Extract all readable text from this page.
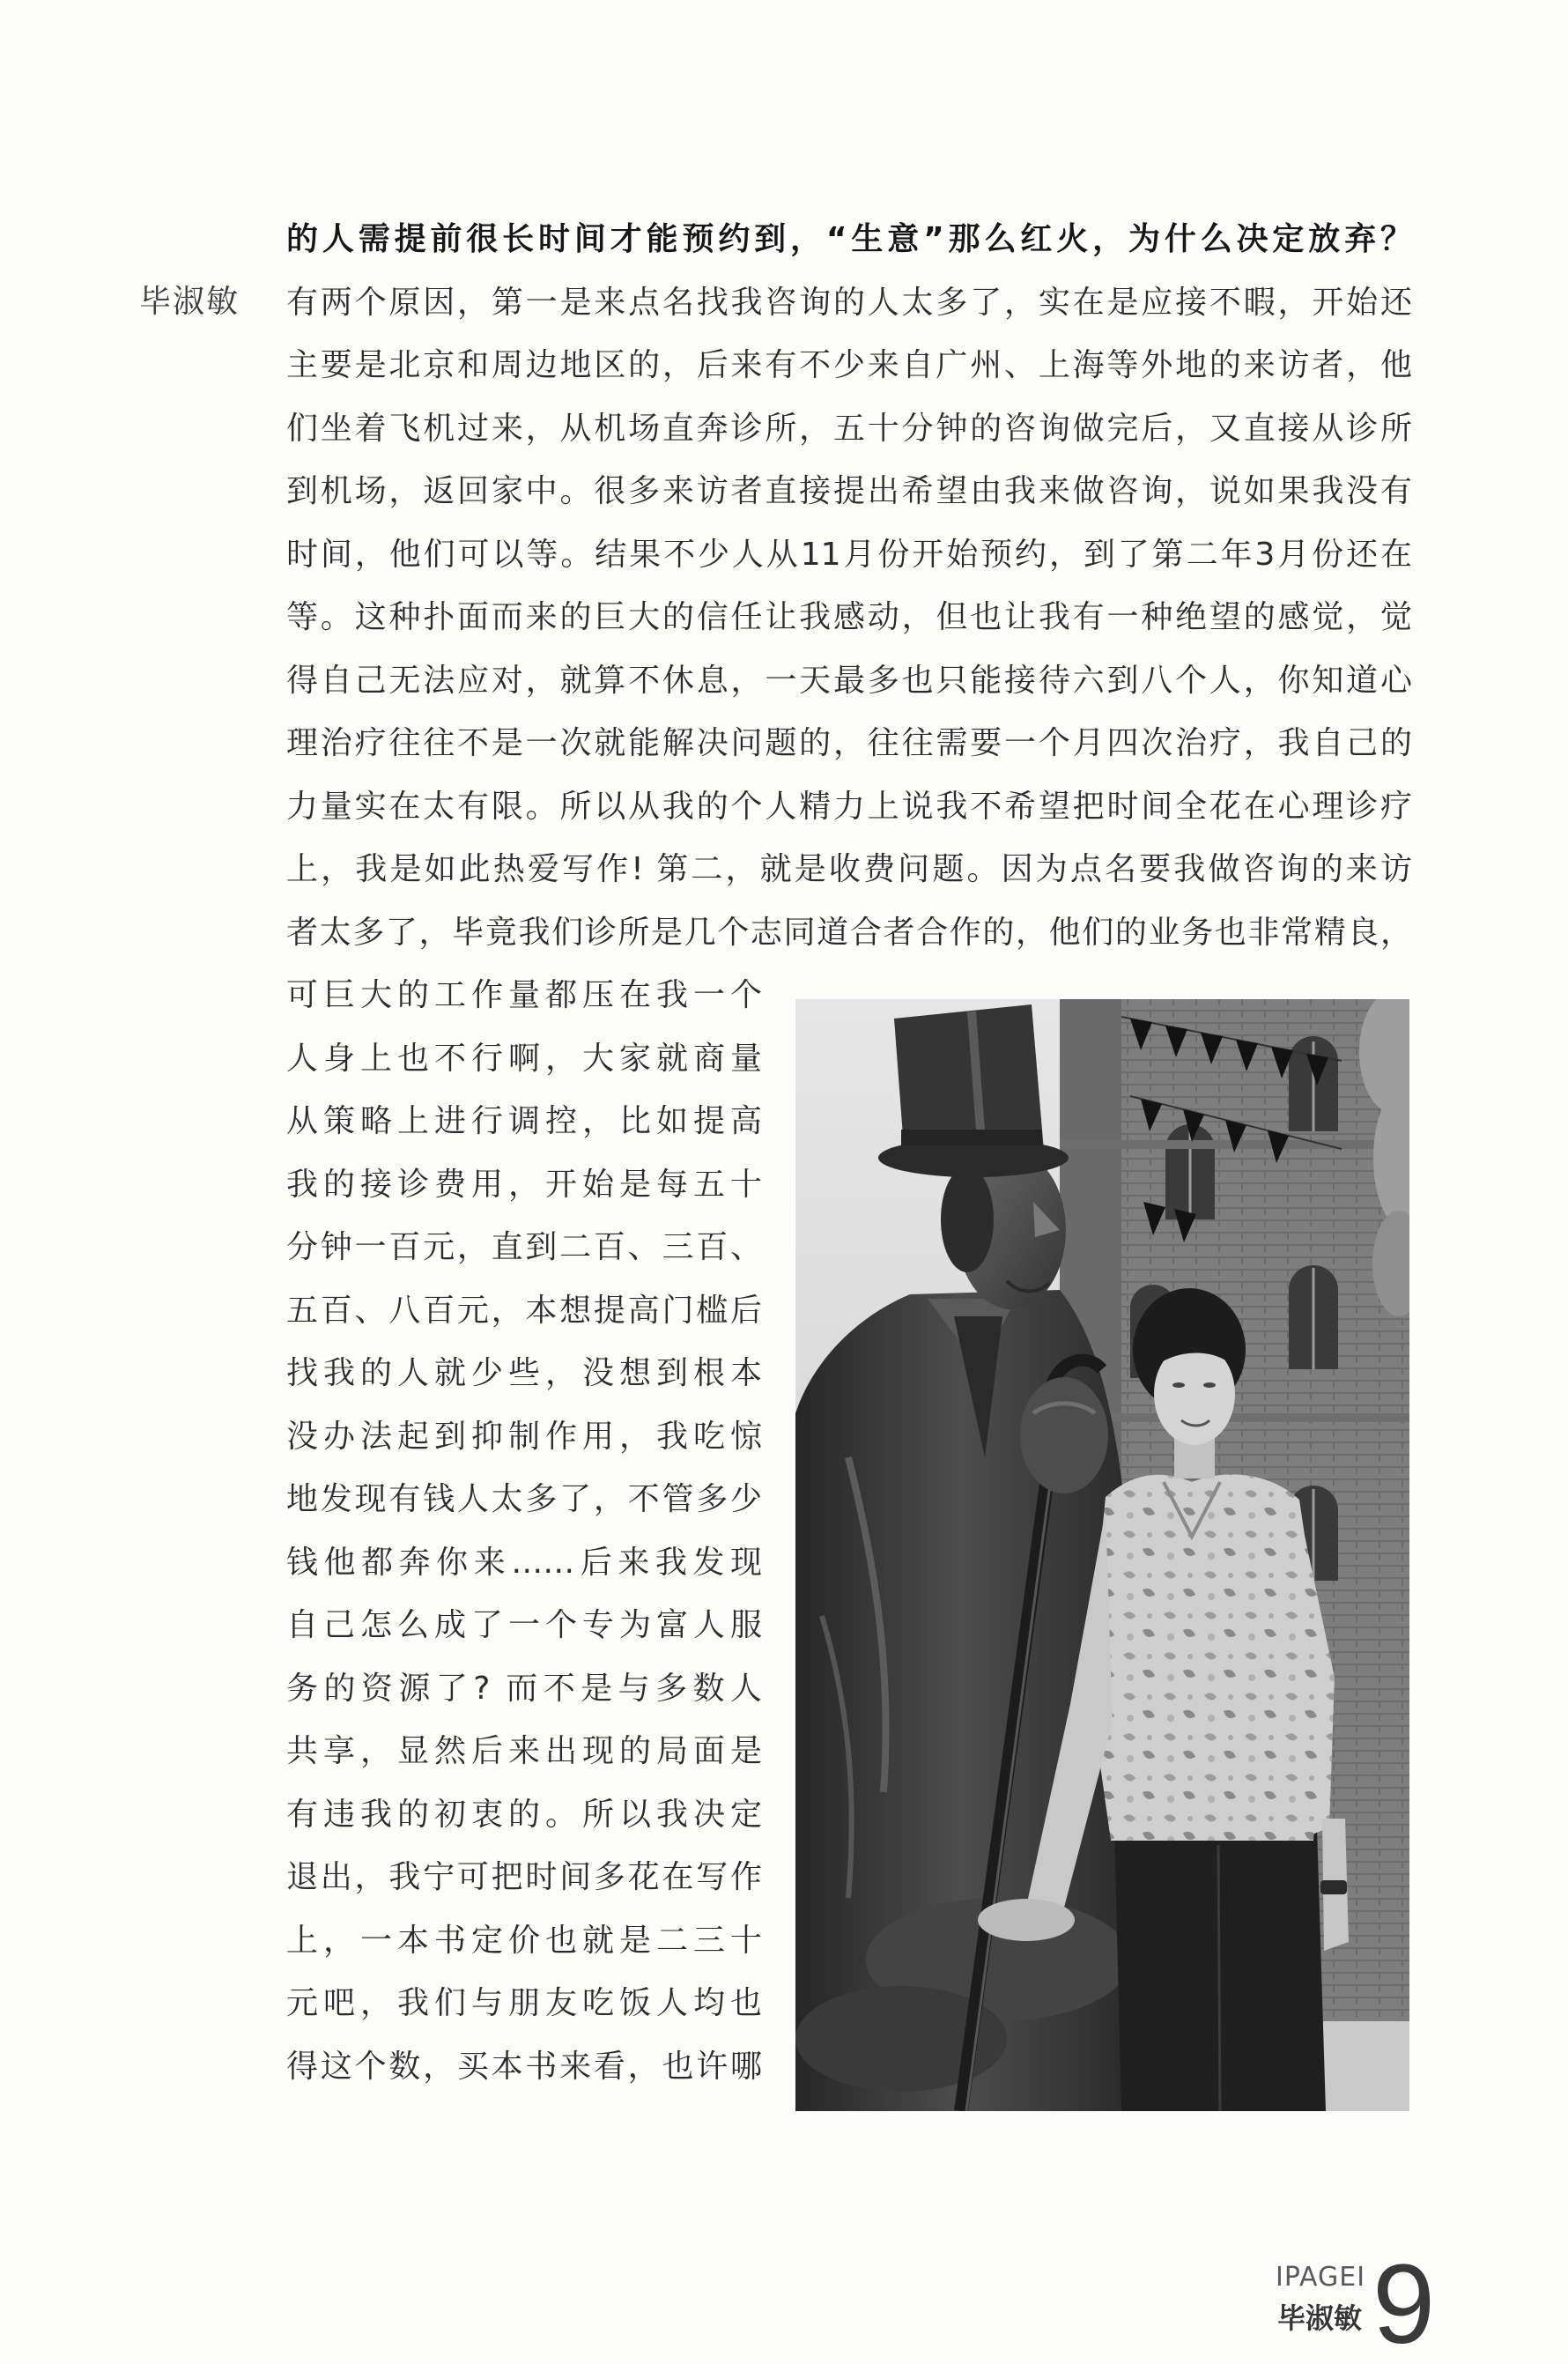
毕淑敏
的人需提前很长时间才能预约到，“生意”那么红火，为什么决定放弃？
有两个原因，第一是来点名找我咨询的人太多了，实在是应接不暇，开始还
主要是北京和周边地区的，后来有不少来自广州、上海等外地的来访者，他
们坐着飞机过来，从机场直奔诊所，五十分钟的咨询做完后，又直接从诊所
到机场，返回家中。很多来访者直接提出希望由我来做咨询，说如果我没有
时间，他们可以等。结果不少人从11月份开始预约，到了第二年3月份还在
等。这种扑面而来的巨大的信任让我感动，但也让我有一种绝望的感觉，觉
得自己无法应对，就算不休息，一天最多也只能接待六到八个人，你知道心
理治疗往往不是一次就能解决问题的，往往需要一个月四次治疗，我自己的
力量实在太有限。所以从我的个人精力上说我不希望把时间全花在心理诊疗
上，我是如此热爱写作! 第二，就是收费问题。因为点名要我做咨询的来访
者太多了，毕竟我们诊所是几个志同道合者合作的，他们的业务也非常精良，
可巨大的工作量都压在我一个
人身上也不行啊，大家就商量
从策略上进行调控，比如提高
我的接诊费用，开始是每五十
分钟一百元，直到二百、三百、
五百、八百元，本想提高门槛后
找我的人就少些，没想到根本
没办法起到抑制作用，我吃惊
地发现有钱人太多了，不管多少
钱他都奔你来……后来我发现
自己怎么成了一个专为富人服
务的资源了? 而不是与多数人
共享，显然后来出现的局面是
有违我的初衷的。所以我决定
退出，我宁可把时间多花在写作
上，一本书定价也就是二三十
元吧，我们与朋友吃饭人均也
得这个数，买本书来看，也许哪
IPAGEI
毕淑敏 9
